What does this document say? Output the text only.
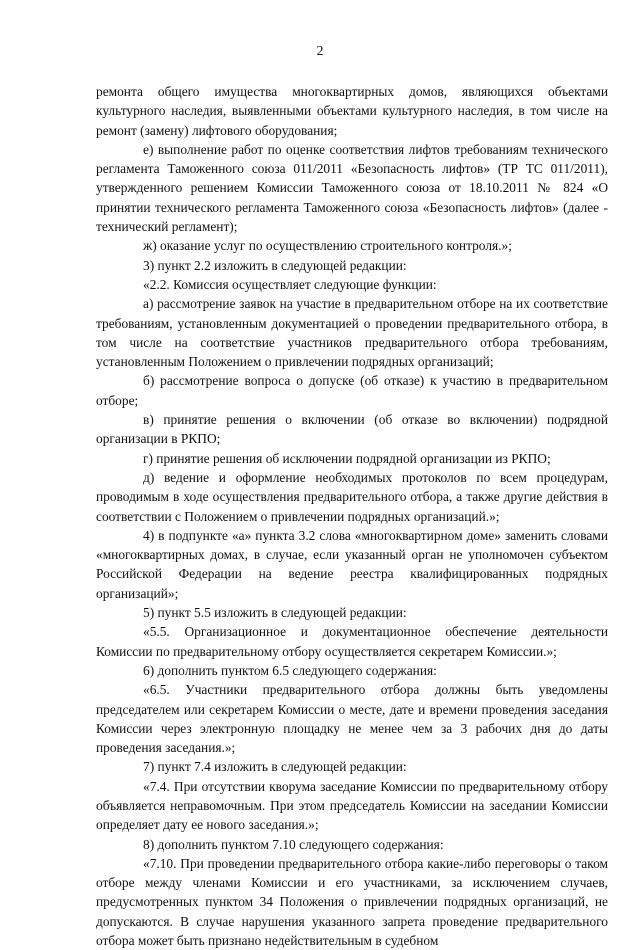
2

ремонта общего имущества многоквартирных домов, являющихся объектами культурного наследия, выявленными объектами культурного наследия, в том числе на ремонт (замену) лифтового оборудования;

е) выполнение работ по оценке соответствия лифтов требованиям технического регламента Таможенного союза 011/2011 «Безопасность лифтов» (ТР ТС 011/2011), утвержденного решением Комиссии Таможенного союза от 18.10.2011 № 824 «О принятии технического регламента Таможенного союза «Безопасность лифтов» (далее - технический регламент);

ж) оказание услуг по осуществлению строительного контроля.»;

3) пункт 2.2 изложить в следующей редакции:

«2.2. Комиссия осуществляет следующие функции:

а) рассмотрение заявок на участие в предварительном отборе на их соответствие требованиям, установленным документацией о проведении предварительного отбора, в том числе на соответствие участников предварительного отбора требованиям, установленным Положением о привлечении подрядных организаций;

б) рассмотрение вопроса о допуске (об отказе) к участию в предварительном отборе;

в) принятие решения о включении (об отказе во включении) подрядной организации в РКПО;

г) принятие решения об исключении подрядной организации из РКПО;

д) ведение и оформление необходимых протоколов по всем процедурам, проводимым в ходе осуществления предварительного отбора, а также другие действия в соответствии с Положением о привлечении подрядных организаций.»;

4) в подпункте «а» пункта 3.2 слова «многоквартирном доме» заменить словами «многоквартирных домах, в случае, если указанный орган не уполномочен субъектом Российской Федерации на ведение реестра квалифицированных подрядных организаций»;

5) пункт 5.5 изложить в следующей редакции:

«5.5. Организационное и документационное обеспечение деятельности Комиссии по предварительному отбору осуществляется секретарем Комиссии.»;

6) дополнить пунктом 6.5 следующего содержания:

«6.5. Участники предварительного отбора должны быть уведомлены председателем или секретарем Комиссии о месте, дате и времени проведения заседания Комиссии через электронную площадку не менее чем за 3 рабочих дня до даты проведения заседания.»;

7) пункт 7.4 изложить в следующей редакции:

«7.4. При отсутствии кворума заседание Комиссии по предварительному отбору объявляется неправомочным. При этом председатель Комиссии на заседании Комиссии определяет дату ее нового заседания.»;

8) дополнить пунктом 7.10 следующего содержания:

«7.10. При проведении предварительного отбора какие-либо переговоры о таком отборе между членами Комиссии и его участниками, за исключением случаев, предусмотренных пунктом 34 Положения о привлечении подрядных организаций, не допускаются. В случае нарушения указанного запрета проведение предварительного отбора может быть признано недействительным в судебном
